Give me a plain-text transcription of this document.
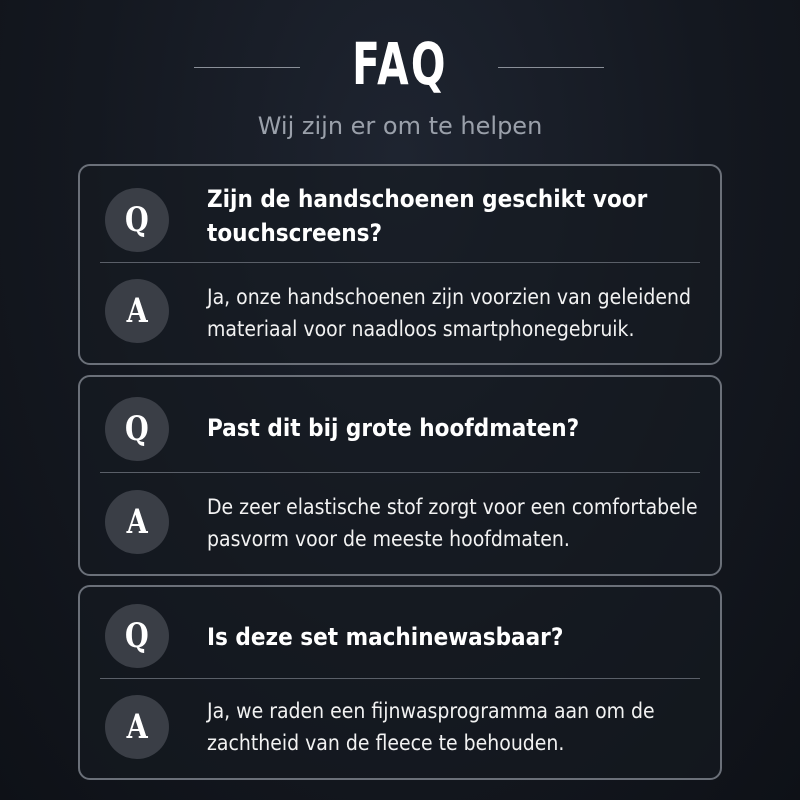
FAQ
Wij zijn er om te helpen
Q
Zijn de handschoenen geschikt voor touchscreens?
A	Ja, onze handschoenen zijn voorzien van geleidend materiaal voor naadloos smartphonegebruik.
Q Past dit bij grote hoofdmaten?
A	De zeer elastische stof zorgt voor een comfortabele pasvorm voor de meeste hoofdmaten.
Q Is deze set machinewasbaar?
A	Ja, we raden een fijnwasprogramma aan om de zachtheid van de fleece te behouden.
